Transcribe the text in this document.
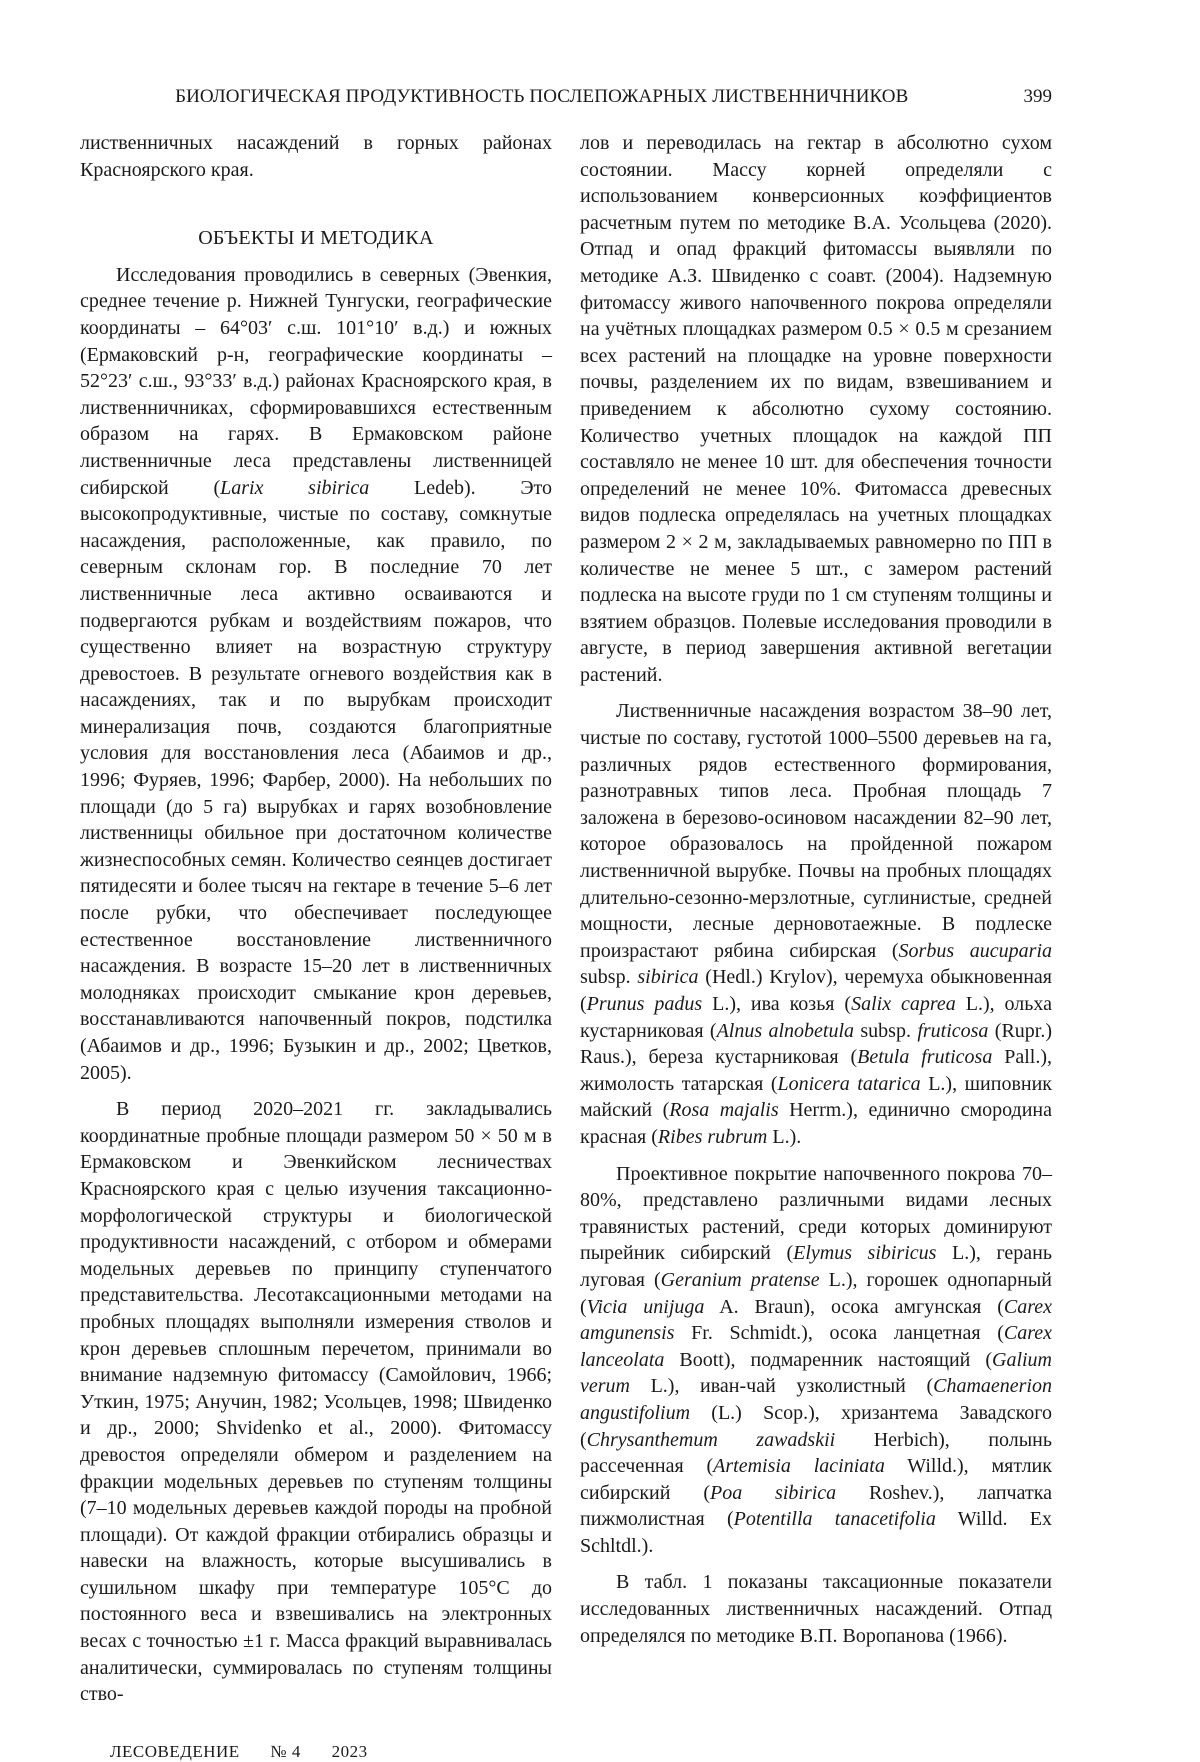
БИОЛОГИЧЕСКАЯ ПРОДУКТИВНОСТЬ ПОСЛЕПОЖАРНЫХ ЛИСТВЕННИЧНИКОВ	399

лиственничных насаждений в горных районах Красноярского края.

ОБЪЕКТЫ И МЕТОДИКА

Исследования проводились в северных (Эвенкия, среднее течение р. Нижней Тунгуски, географические координаты – 64°03′ с.ш. 101°10′ в.д.) и южных (Ермаковский р-н, географические координаты – 52°23′ с.ш., 93°33′ в.д.) районах Красноярского края, в лиственничниках, сформировавшихся естественным образом на гарях. В Ермаковском районе лиственничные леса представлены лиственницей сибирской (Larix sibirica Ledeb). Это высокопродуктивные, чистые по составу, сомкнутые насаждения, расположенные, как правило, по северным склонам гор. В последние 70 лет лиственничные леса активно осваиваются и подвергаются рубкам и воздействиям пожаров, что существенно влияет на возрастную структуру древостоев. В результате огневого воздействия как в насаждениях, так и по вырубкам происходит минерализация почв, создаются благоприятные условия для восстановления леса (Абаимов и др., 1996; Фуряев, 1996; Фарбер, 2000). На небольших по площади (до 5 га) вырубках и гарях возобновление лиственницы обильное при достаточном количестве жизнеспособных семян. Количество сеянцев достигает пятидесяти и более тысяч на гектаре в течение 5–6 лет после рубки, что обеспечивает последующее естественное восстановление лиственничного насаждения. В возрасте 15–20 лет в лиственничных молодняках происходит смыкание крон деревьев, восстанавливаются напочвенный покров, подстилка (Абаимов и др., 1996; Бузыкин и др., 2002; Цветков, 2005).

В период 2020–2021 гг. закладывались координатные пробные площади размером 50 × 50 м в Ермаковском и Эвенкийском лесничествах Красноярского края с целью изучения таксационно-морфологической структуры и биологической продуктивности насаждений, с отбором и обмерами модельных деревьев по принципу ступенчатого представительства. Лесотаксационными методами на пробных площадях выполняли измерения стволов и крон деревьев сплошным перечетом, принимали во внимание надземную фитомассу (Самойлович, 1966; Уткин, 1975; Анучин, 1982; Усольцев, 1998; Швиденко и др., 2000; Shvidenko et al., 2000). Фитомассу древостоя определяли обмером и разделением на фракции модельных деревьев по ступеням толщины (7–10 модельных деревьев каждой породы на пробной площади). От каждой фракции отбирались образцы и навески на влажность, которые высушивались в сушильном шкафу при температуре 105°C до постоянного веса и взвешивались на электронных весах с точностью ±1 г. Масса фракций выравнивалась аналитически, суммировалась по ступеням толщины ство-

лов и переводилась на гектар в абсолютно сухом состоянии. Массу корней определяли с использованием конверсионных коэффициентов расчетным путем по методике В.А. Усольцева (2020). Отпад и опад фракций фитомассы выявляли по методике А.З. Швиденко с соавт. (2004). Надземную фитомассу живого напочвенного покрова определяли на учётных площадках размером 0.5 × 0.5 м срезанием всех растений на площадке на уровне поверхности почвы, разделением их по видам, взвешиванием и приведением к абсолютно сухому состоянию. Количество учетных площадок на каждой ПП составляло не менее 10 шт. для обеспечения точности определений не менее 10%. Фитомасса древесных видов подлеска определялась на учетных площадках размером 2 × 2 м, закладываемых равномерно по ПП в количестве не менее 5 шт., с замером растений подлеска на высоте груди по 1 см ступеням толщины и взятием образцов. Полевые исследования проводили в августе, в период завершения активной вегетации растений.

Лиственничные насаждения возрастом 38–90 лет, чистые по составу, густотой 1000–5500 деревьев на га, различных рядов естественного формирования, разнотравных типов леса. Пробная площадь 7 заложена в березово-осиновом насаждении 82–90 лет, которое образовалось на пройденной пожаром лиственничной вырубке. Почвы на пробных площадях длительно-сезонно-мерзлотные, суглинистые, средней мощности, лесные дерновотаежные. В подлеске произрастают рябина сибирская (Sorbus aucuparia subsp. sibirica (Hedl.) Krylov), черемуха обыкновенная (Prunus padus L.), ива козья (Salix caprea L.), ольха кустарниковая (Alnus alnobetula subsp. fruticosa (Rupr.) Raus.), береза кустарниковая (Betula fruticosa Pall.), жимолость татарская (Lonicera tatarica L.), шиповник майский (Rosa majalis Herrm.), единично смородина красная (Ribes rubrum L.).

Проективное покрытие напочвенного покрова 70–80%, представлено различными видами лесных травянистых растений, среди которых доминируют пырейник сибирский (Elymus sibiricus L.), герань луговая (Geranium pratense L.), горошек однопарный (Vicia unijuga A. Braun), осока амгунская (Carex amgunensis Fr. Schmidt.), осока ланцетная (Carex lanceolata Boott), подмаренник настоящий (Galium verum L.), иван-чай узколистный (Chamaenerion angustifolium (L.) Scop.), хризантема Завадского (Chrysanthemum zawadskii Herbich), полынь рассеченная (Artemisia laciniata Willd.), мятлик сибирский (Poa sibirica Roshev.), лапчатка пижмолистная (Potentilla tanacetifolia Willd. Ex Schltdl.).

В табл. 1 показаны таксационные показатели исследованных лиственничных насаждений. Отпад определялся по методике В.П. Воропанова (1966).

ЛЕСОВЕДЕНИЕ № 4 2023
